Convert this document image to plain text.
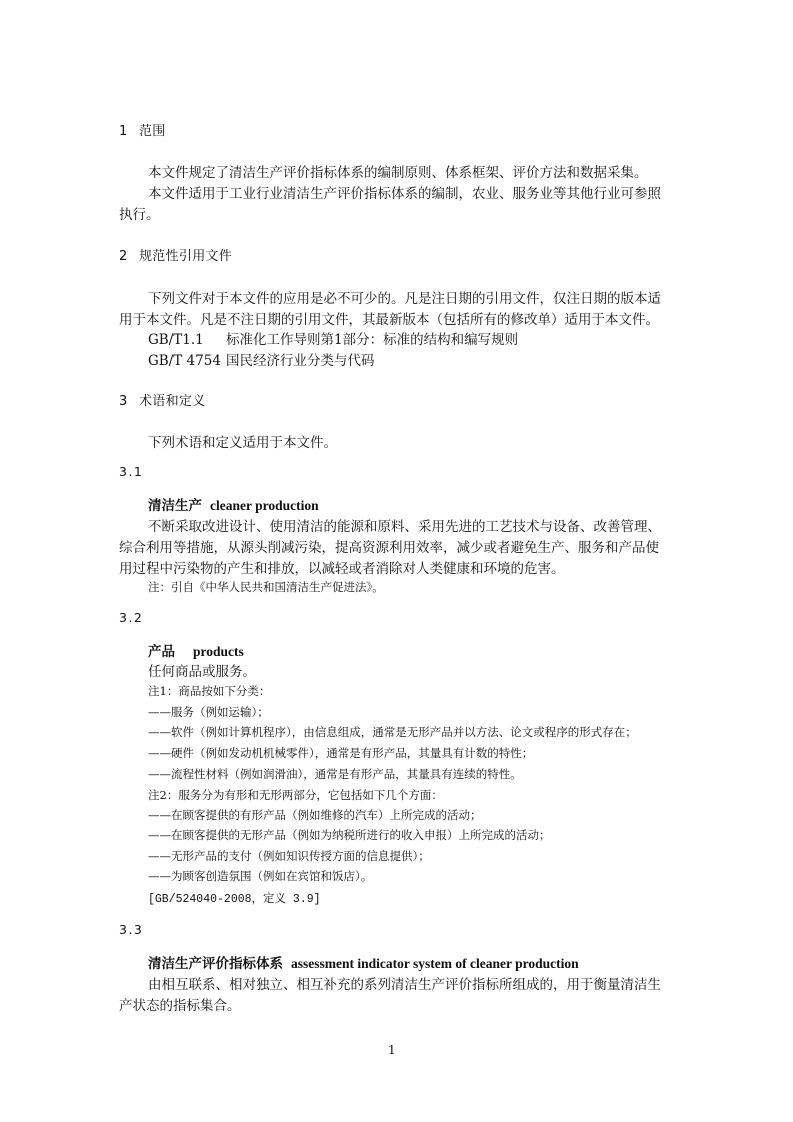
1 范围
本文件规定了清洁生产评价指标体系的编制原则、体系框架、评价方法和数据采集。
本文件适用于工业行业清洁生产评价指标体系的编制，农业、服务业等其他行业可参照
执行。
2 规范性引用文件
下列文件对于本文件的应用是必不可少的。凡是注日期的引用文件，仅注日期的版本适
用于本文件。凡是不注日期的引用文件，其最新版本（包括所有的修改单）适用于本文件。
GB/T1.1 标准化工作导则第1部分：标准的结构和编写规则
GB/T 4754 国民经济行业分类与代码
3 术语和定义
下列术语和定义适用于本文件。
3.1
清洁生产 cleaner production
不断采取改进设计、使用清洁的能源和原料、采用先进的工艺技术与设备、改善管理、
综合利用等措施，从源头削减污染，提高资源利用效率，减少或者避免生产、服务和产品使
用过程中污染物的产生和排放，以减轻或者消除对人类健康和环境的危害。
注：引自《中华人民共和国清洁生产促进法》。
3.2
产品 products
任何商品或服务。
注1：商品按如下分类：
——服务（例如运输）；
——软件（例如计算机程序），由信息组成，通常是无形产品并以方法、论文或程序的形式存在；
——硬件（例如发动机机械零件），通常是有形产品，其量具有计数的特性；
——流程性材料（例如润滑油），通常是有形产品，其量具有连续的特性。
注2：服务分为有形和无形两部分，它包括如下几个方面：
——在顾客提供的有形产品（例如维修的汽车）上所完成的活动；
——在顾客提供的无形产品（例如为纳税所进行的收入申报）上所完成的活动；
——无形产品的支付（例如知识传授方面的信息提供）；
——为顾客创造氛围（例如在宾馆和饭店）。
[GB/524040-2008，定义 3.9]
3.3
清洁生产评价指标体系 assessment indicator system of cleaner production
由相互联系、相对独立、相互补充的系列清洁生产评价指标所组成的，用于衡量清洁生
产状态的指标集合。
1
